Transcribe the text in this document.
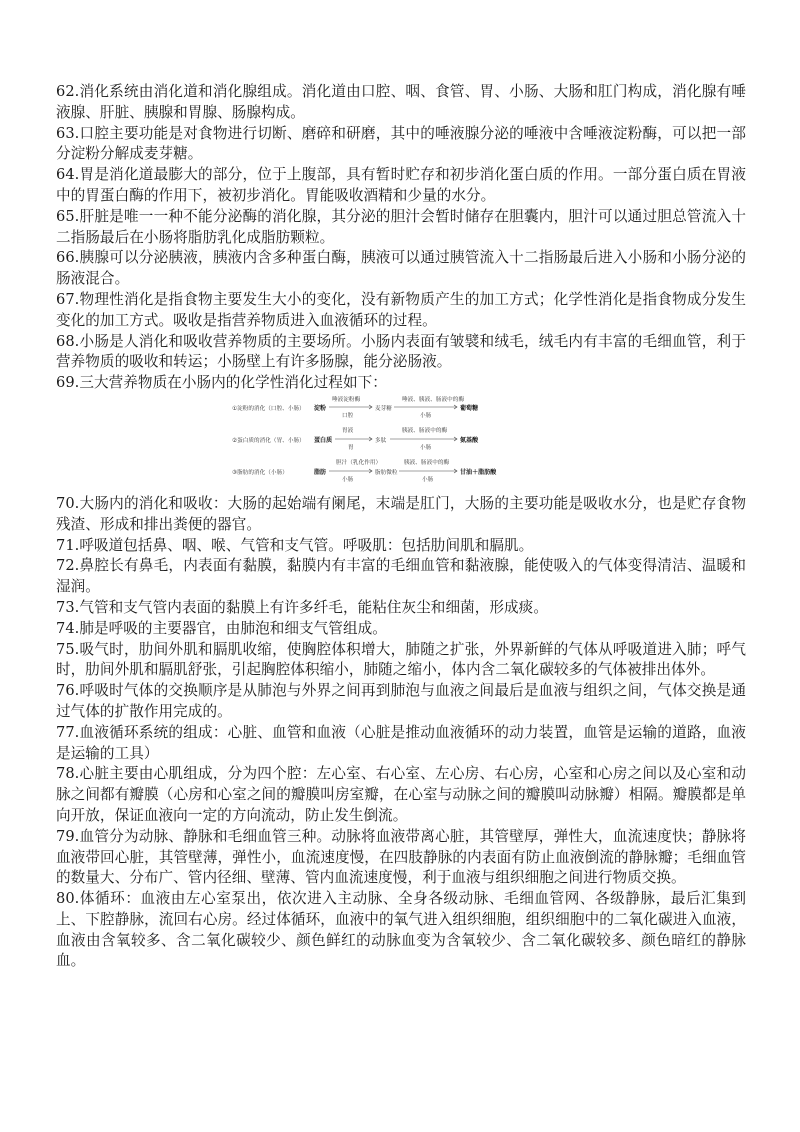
62.消化系统由消化道和消化腺组成。消化道由口腔、咽、食管、胃、小肠、大肠和肛门构成，消化腺有唾液腺、肝脏、胰腺和胃腺、肠腺构成。

63.口腔主要功能是对食物进行切断、磨碎和研磨，其中的唾液腺分泌的唾液中含唾液淀粉酶，可以把一部分淀粉分解成麦芽糖。

64.胃是消化道最膨大的部分，位于上腹部，具有暂时贮存和初步消化蛋白质的作用。一部分蛋白质在胃液中的胃蛋白酶的作用下，被初步消化。胃能吸收酒精和少量的水分。

65.肝脏是唯一一种不能分泌酶的消化腺，其分泌的胆汁会暂时储存在胆囊内，胆汁可以通过胆总管流入十二指肠最后在小肠将脂肪乳化成脂肪颗粒。

66.胰腺可以分泌胰液，胰液内含多种蛋白酶，胰液可以通过胰管流入十二指肠最后进入小肠和小肠分泌的肠液混合。

67.物理性消化是指食物主要发生大小的变化，没有新物质产生的加工方式；化学性消化是指食物成分发生变化的加工方式。吸收是指营养物质进入血液循环的过程。

68.小肠是人消化和吸收营养物质的主要场所。小肠内表面有皱襞和绒毛，绒毛内有丰富的毛细血管，利于营养物质的吸收和转运；小肠壁上有许多肠腺，能分泌肠液。

69.三大营养物质在小肠内的化学性消化过程如下：

①淀粉的消化（口腔、小肠） 淀粉
唾液淀粉酶
口腔
麦芽糖
唾液、胰液、肠液中的酶
小肠
葡萄糖
②蛋白质的消化（胃、小肠） 蛋白质
胃液
胃
多肽
胰液、肠液中的酶
小肠
氨基酸
③脂肪的消化（小肠）	脂肪
胆汁（乳化作用）
小肠
脂肪微粒
胰液、肠液中的酶
小肠
甘油＋脂肪酸

70.大肠内的消化和吸收：大肠的起始端有阑尾，末端是肛门，大肠的主要功能是吸收水分，也是贮存食物残渣、形成和排出粪便的器官。

71.呼吸道包括鼻、咽、喉、气管和支气管。呼吸肌：包括肋间肌和膈肌。

72.鼻腔长有鼻毛，内表面有黏膜，黏膜内有丰富的毛细血管和黏液腺，能使吸入的气体变得清洁、温暖和湿润。

73.气管和支气管内表面的黏膜上有许多纤毛，能粘住灰尘和细菌，形成痰。

74.肺是呼吸的主要器官，由肺泡和细支气管组成。

75.吸气时，肋间外肌和膈肌收缩，使胸腔体积增大，肺随之扩张，外界新鲜的气体从呼吸道进入肺；呼气时，肋间外肌和膈肌舒张，引起胸腔体积缩小，肺随之缩小，体内含二氧化碳较多的气体被排出体外。

76.呼吸时气体的交换顺序是从肺泡与外界之间再到肺泡与血液之间最后是血液与组织之间，气体交换是通过气体的扩散作用完成的。

77.血液循环系统的组成：心脏、血管和血液（心脏是推动血液循环的动力装置，血管是运输的道路，血液是运输的工具）

78.心脏主要由心肌组成，分为四个腔：左心室、右心室、左心房、右心房，心室和心房之间以及心室和动脉之间都有瓣膜（心房和心室之间的瓣膜叫房室瓣，在心室与动脉之间的瓣膜叫动脉瓣）相隔。瓣膜都是单向开放，保证血液向一定的方向流动，防止发生倒流。

79.血管分为动脉、静脉和毛细血管三种。动脉将血液带离心脏，其管壁厚，弹性大，血流速度快；静脉将血液带回心脏，其管壁薄，弹性小，血流速度慢，在四肢静脉的内表面有防止血液倒流的静脉瓣；毛细血管的数量大、分布广、管内径细、壁薄、管内血流速度慢，利于血液与组织细胞之间进行物质交换。

80.体循环：血液由左心室泵出，依次进入主动脉、全身各级动脉、毛细血管网、各级静脉，最后汇集到上、下腔静脉，流回右心房。经过体循环，血液中的氧气进入组织细胞，组织细胞中的二氧化碳进入血液，血液由含氧较多、含二氧化碳较少、颜色鲜红的动脉血变为含氧较少、含二氧化碳较多、颜色暗红的静脉血。
